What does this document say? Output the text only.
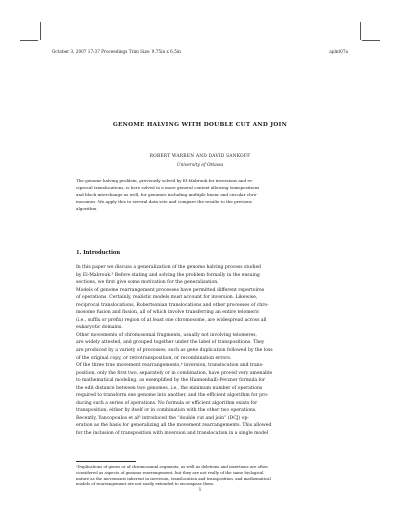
October 3, 2007 17:37 Proceedings Trim Size: 9.75in x 6.5in	aplnt07a
GENOME HALVING WITH DOUBLE CUT AND JOIN
ROBERT WARREN AND DAVID SANKOFF
University of Ottawa
The genome halving problem, previously solved by El-Mabrouk for inversions and re-
ciprocal translocations, is here solved in a more general context allowing transpositions
and block interchange as well, for genomes including multiple linear and circular chro-
mosomes. We apply this to several data sets and compare the results to the previous
algorithm.
1. Introduction
In this paper we discuss a generalization of the genome halving process studied
by El-Mabrouk.³ Before stating and solving the problem formally in the ensuing
sections, we first give some motivation for the generalization.
Models of genome rearrangement processes have permitted different repertoires
of operations. Certainly, realistic models must account for inversion. Likewise,
reciprocal translocations, Robertsonian translocations and other processes of chro-
mosome fusion and fission, all of which involve transferring an entire telomeric
(i.e., suffix or prefix) region of at least one chromosome, are widespread across all
eukaryotic domains.
Other movements of chromosomal fragments, usually not involving telomeres,
are widely attested, and grouped together under the label of transpositions. They
are produced by a variety of processes, such as gene duplication followed by the loss
of the original copy, or retrotransposition, or recombination errors.
Of the three true movement rearrangements,ᵃ inversion, translocation and trans-
position, only the first two, separately or in combination, have proved very amenable
to mathematical modeling, as exemplified by the Hannenhalli-Pevzner formula for
the edit distance between two genomes, i.e., the minimum number of operations
required to transform one genome into another, and the efficient algorithm for pro-
ducing such a series of operations. No formula or efficient algorithm exists for
transposition, either by itself or in combination with the other two operations.
Recently, Yancopoulos et al⁶ introduced the “double cut and join” (DCJ) op-
eration as the basis for generalizing all the movement rearrangements. This allowed
for the inclusion of transposition with inversion and translocation in a single model
ᵃDuplications of genes or of chromosomal segments, as well as deletions and insertions are often
considered as aspects of genome rearrangement, but they are not really of the same biological
nature as the movements inherent in inversion, translocation and transposition, and mathematical
models of rearrangement are not easily extended to encompass them.
1
